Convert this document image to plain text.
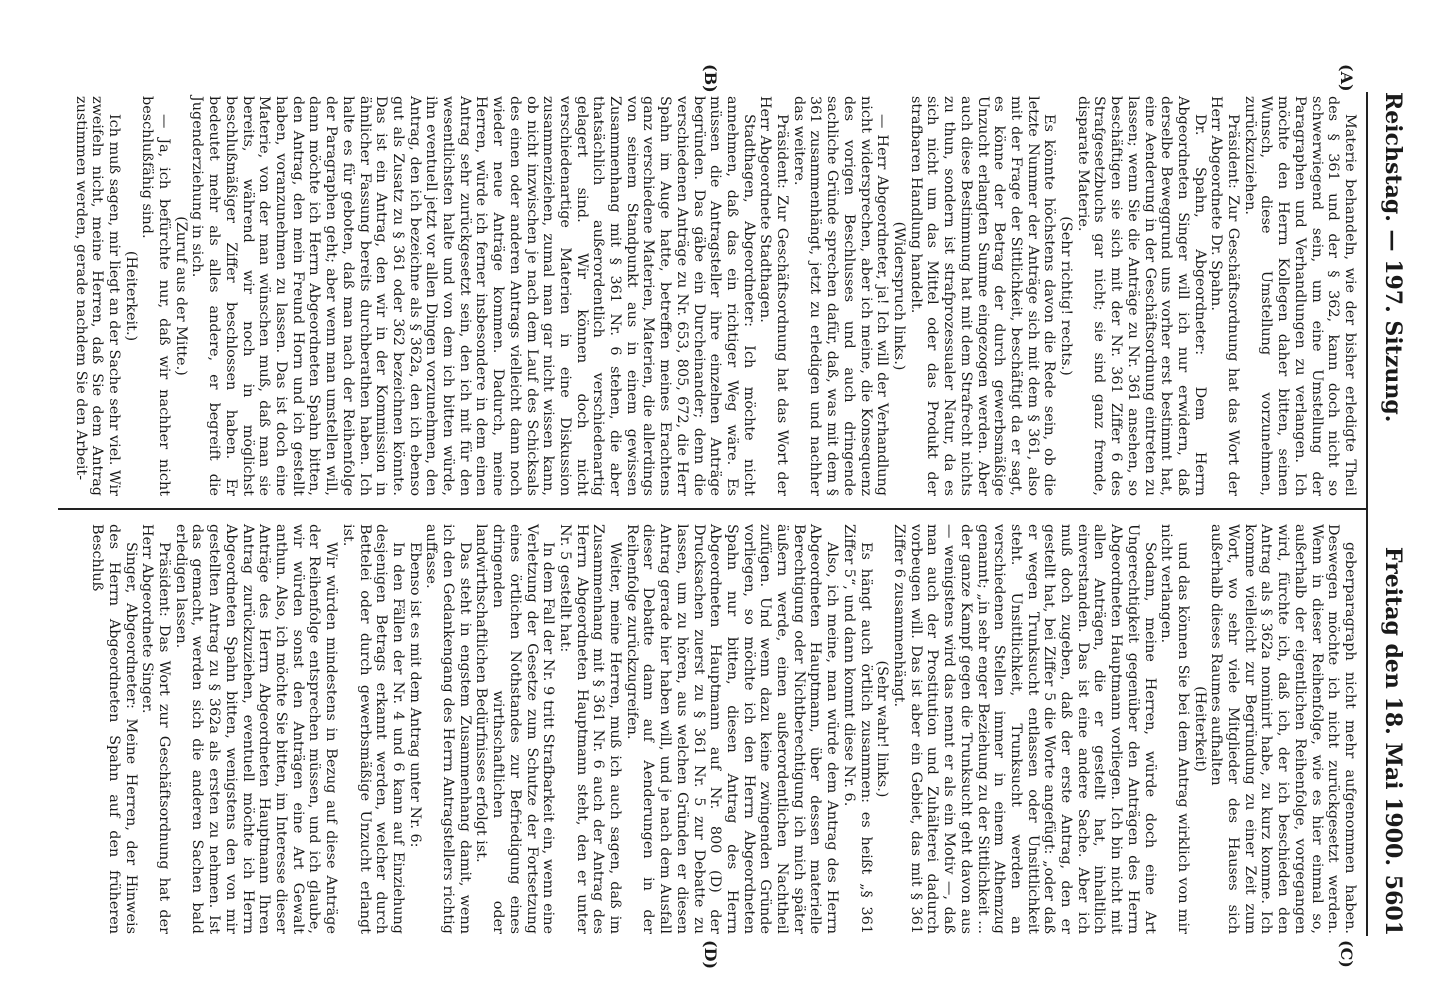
Reichstag. — 197. Sitzung.
Freitag den 18. Mai 1900.
5601
(A)
(B)
(C)
(D)

Materie behandeln, wie der bisher erledigte Theil des § 361 und der § 362, kann doch nicht so schwerwiegend sein, um eine Umstellung der Paragraphen und Verhandlungen zu verlangen. Ich möchte den Herrn Kollegen daher bitten, seinen Wunsch, diese Umstellung vorzunehmen, zurückzuziehen.

Präsident: Zur Geschäftsordnung hat das Wort der Herr Abgeordnete Dr. Spahn.

Dr. Spahn, Abgeordneter: Dem Herrn Abgeordneten Singer will ich nur erwidern, daß derselbe Beweggrund uns vorher erst bestimmt hat, eine Aenderung in der Geschäftsordnung eintreten zu lassen; wenn Sie die Anträge zu Nr. 361 ansehen, so beschäftigen sie sich mit der Nr. 361 Ziffer 6 des Strafgesetzbuchs gar nicht; sie sind ganz fremde, disparate Materie.

(Sehr richtig! rechts.)

Es könnte höchstens davon die Rede sein, ob die letzte Nummer der Anträge sich mit dem § 361, also mit der Frage der Sittlichkeit, beschäftigt da er sagt, es könne der Betrag der durch gewerbsmäßige Unzucht erlangten Summe eingezogen werden. Aber auch diese Bestimmung hat mit dem Strafrecht nichts zu thun, sondern ist strafprozessualer Natur, da es sich nicht um das Mittel oder das Produkt der strafbaren Handlung handelt.

(Widerspruch links.)

— Herr Abgeordneter, ja! Ich will der Verhandlung nicht widersprechen, aber ich meine, die Konsequenz des vorigen Beschlusses und auch dringende sachliche Gründe sprechen dafür, daß, was mit dem § 361 zusammenhängt, jetzt zu erledigen und nachher das weitere.

Präsident: Zur Geschäftsordnung hat das Wort der Herr Abgeordnete Stadthagen.

Stadthagen, Abgeordneter: Ich möchte nicht annehmen, daß das ein richtiger Weg wäre. Es müssen die Antragsteller ihre einzelnen Anträge begründen. Das gäbe ein Durcheinander; denn die verschiedenen Anträge zu Nr. 653, 805, 672, die Herr Spahn im Auge hatte, betreffen meines Erachtens ganz verschiedene Materien, Materien, die allerdings von seinem Standpunkt aus in einem gewissen Zusammenhang mit § 361 Nr. 6 stehen, die aber thatsächlich außerordentlich verschiedenartig gelagert sind. Wir können doch nicht verschiedenartige Materien in eine Diskussion zusammenziehen, zumal man gar nicht wissen kann, ob nicht inzwischen je nach dem Lauf des Schicksals des einen oder anderen Antrags vielleicht dann noch wieder neue Anträge kommen. Dadurch, meine Herren, würde ich ferner insbesondere in dem einen Antrag sehr zurückgesetzt sein, den ich mit für den wesentlichsten halte und von dem ich bitten würde, ihn eventuell jetzt vor allen Dingen vorzunehmen, den Antrag, den ich bezeichne als § 362a, den ich ebenso gut als Zusatz zu § 361 oder 362 bezeichnen könnte. Das ist ein Antrag, den wir in der Kommission in ähnlicher Fassung bereits durchberathen haben. Ich halte es für geboten, daß man nach der Reihenfolge der Paragraphen geht; aber wenn man umstellen will, dann möchte ich Herrn Abgeordneten Spahn bitten, den Antrag, den mein Freund Horn und ich gestellt haben, voranzunehmen zu lassen. Das ist doch eine Materie, von der man wünschen muß, daß man sie bereits, während wir noch in möglichst beschlußmäßiger Ziffer beschlossen haben. Er bedeutet mehr als alles andere, er begreift die Jugenderziehung in sich.

(Zuruf aus der Mitte.)

— Ja, ich befürchte nur, daß wir nachher nicht beschlußfähig sind.

(Heiterkeit.)

Ich muß sagen, mir liegt an der Sache sehr viel. Wir zweifeln nicht, meine Herren, daß Sie dem Antrag zustimmen werden, gerade nachdem Sie den Arbeit-

geberparagraph nicht mehr aufgenommen haben. Deswegen möchte ich nicht zurückgesetzt werden. Wenn in dieser Reihenfolge, wie es hier einmal so, außerhalb der eigentlichen Reihenfolge, vorgegangen wird, fürchte ich, daß ich, der ich beschieden den Antrag als § 362a nominirt habe, zu kurz komme. Ich komme vielleicht zur Begründung zu einer Zeit zum Wort, wo sehr viele Mitglieder des Hauses sich außerhalb dieses Raumes aufhalten

(Heiterkeit)

und das können Sie bei dem Antrag wirklich von mir nicht verlangen.

Sodann, meine Herren, würde doch eine Art Ungerechtigkeit gegenüber den Anträgen des Herrn Abgeordneten Hauptmann vorliegen. Ich bin nicht mit allen Anträgen, die er gestellt hat, inhaltlich einverstanden. Das ist eine andere Sache. Aber ich muß doch zugeben, daß der erste Antrag, den er gestellt hat, bei Ziffer 5 die Worte angefügt: „oder daß er wegen Trunksucht entlassen oder Unsittlichkeit steht. Unsittlichkeit, Trunksucht werden an verschiedenen Stellen immer in einem Athemzug genannt; „in sehr enger Beziehung zu der Sittlichkeit ... der ganze Kampf gegen die Trunksucht geht davon aus — wenigstens wird das nennt er als ein Motiv —, daß man auch der Prostitution und Zuhälterei dadurch vorbeugen will. Das ist aber ein Gebiet, das mit § 361 Ziffer 6 zusammenhängt.

(Sehr wahr! links.)

Es hängt auch örtlich zusammen: es heißt „§ 361 Ziffer 5“, und dann kommt diese Nr. 6.

Also, ich meine, man würde dem Antrag des Herrn Abgeordneten Hauptmann, über dessen materielle Berechtigung oder Nichtberechtigung ich mich später äußern werde, einen außerordentlichen Nachtheil zufügen. Und wenn dazu keine zwingenden Gründe vorliegen, so möchte ich den Herrn Abgeordneten Spahn nur bitten, diesen Antrag des Herrn Abgeordneten Hauptmann auf Nr. 800 (D) der Drucksachen zuerst zu § 361 Nr. 5 zur Debatte zu lassen, um zu hören, aus welchen Gründen er diesen Antrag gerade hier haben will, und je nach dem Ausfall dieser Debatte dann auf Aenderungen in der Reihenfolge zurückzugreifen.

Weiter, meine Herren, muß ich auch sagen, daß im Zusammenhang mit § 361 Nr. 6 auch der Antrag des Herrn Abgeordneten Hauptmann steht, den er unter Nr. 5 gestellt hat:

In dem Fall der Nr. 9 tritt Strafbarkeit ein, wenn eine Verletzung der Gesetze zum Schutze der Fortsetzung eines örtlichen Nothstandes zur Befriedigung eines dringenden wirthschaftlichen oder landwirthschaftlichen Bedürfnisses erfolgt ist.

Das steht in engstem Zusammenhang damit, wenn ich den Gedankengang des Herrn Antragstellers richtig auffasse.

Ebenso ist es mit dem Antrag unter Nr. 6:

In den Fällen der Nr. 4 und 6 kann auf Einziehung desjenigen Betrags erkannt werden, welcher durch Bettelei oder durch gewerbsmäßige Unzucht erlangt ist.

Wir würden mindestens in Bezug auf diese Anträge der Reihenfolge entsprechen müssen, und ich glaube, wir würden sonst den Anträgen eine Art Gewalt anthun. Also, ich möchte Sie bitten, im Interesse dieser Anträge des Herrn Abgeordneten Hauptmann Ihren Antrag zurückzuziehen, eventuell möchte ich Herrn Abgeordneten Spahn bitten, wenigstens den von mir gestellten Antrag zu § 362a als ersten zu nehmen. Ist das gemacht, werden sich die anderen Sachen bald erledigen lassen.

Präsident: Das Wort zur Geschäftsordnung hat der Herr Abgeordnete Singer.

Singer, Abgeordneter: Meine Herren, der Hinweis des Herrn Abgeordneten Spahn auf den früheren Beschluß
